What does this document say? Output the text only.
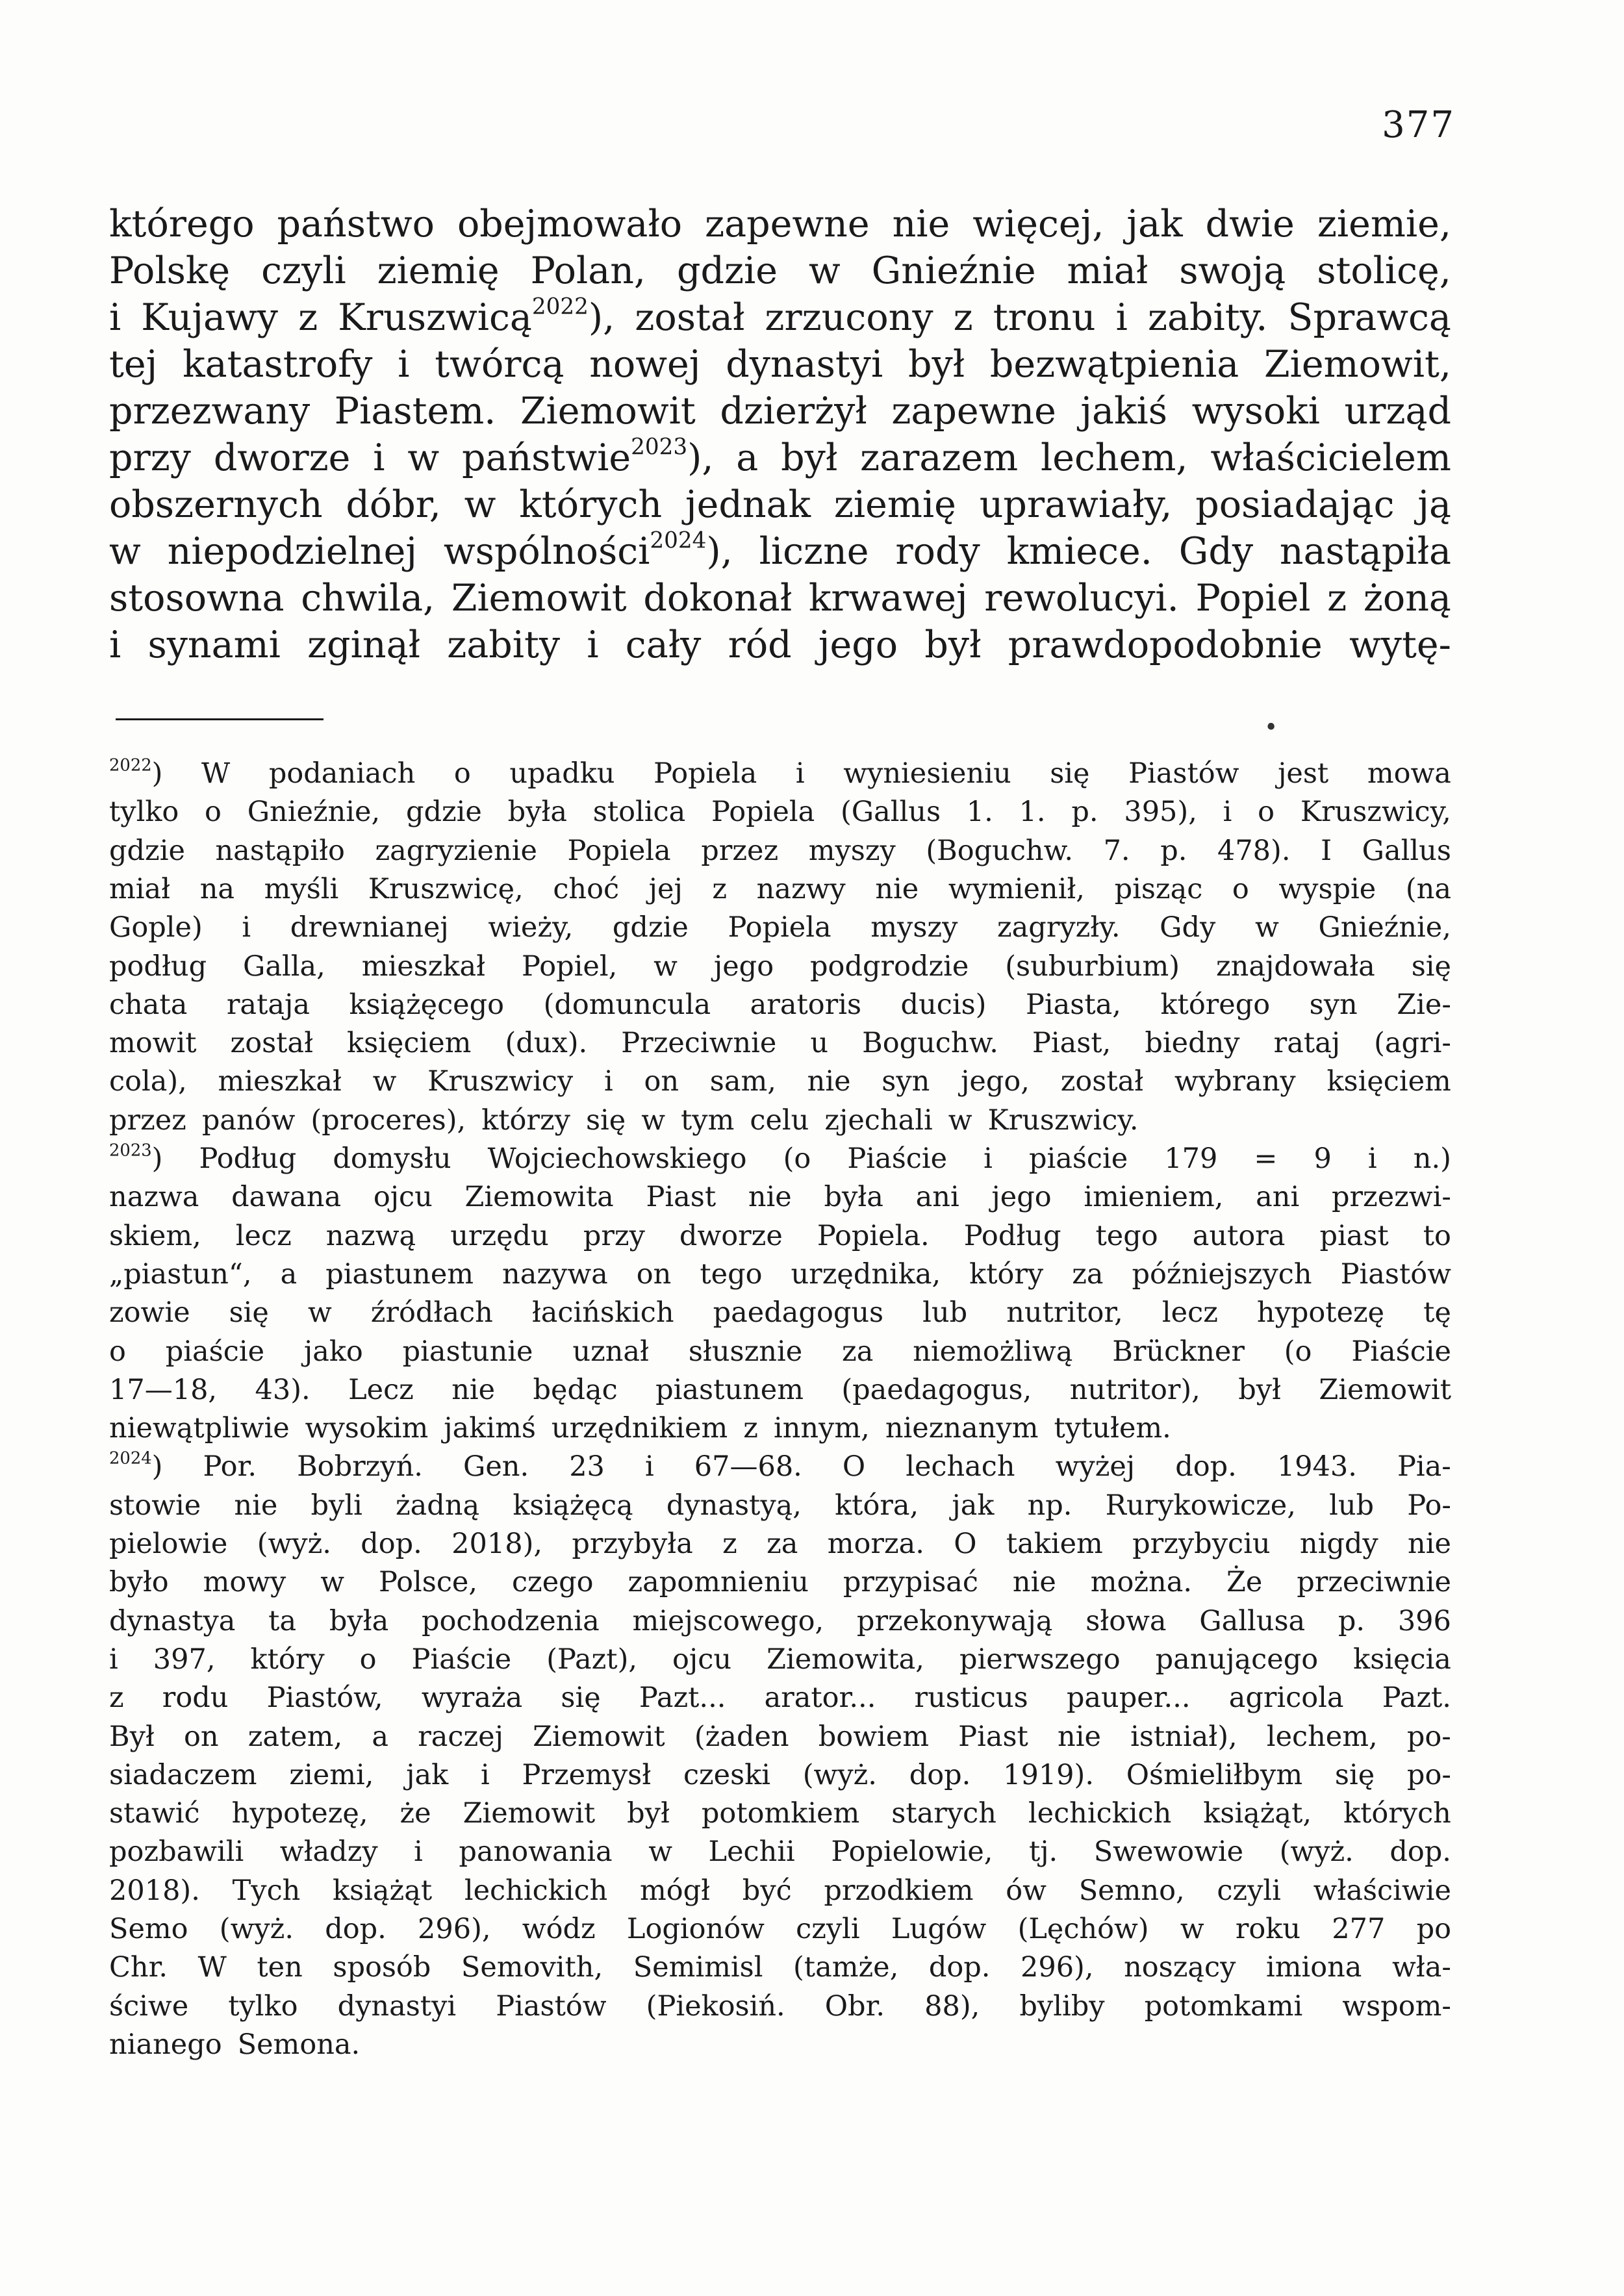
377
którego państwo obejmowało zapewne nie więcej, jak dwie ziemie,
Polskę czyli ziemię Polan, gdzie w Gnieźnie miał swoją stolicę,
i Kujawy z Kruszwicą$^{2022}$), został zrzucony z tronu i zabity. Sprawcą
tej katastrofy i twórcą nowej dynastyi był bezwątpienia Ziemowit,
przezwany Piastem. Ziemowit dzierżył zapewne jakiś wysoki urząd
przy dworze i w państwie$^{2023}$), a był zarazem lechem, właścicielem
obszernych dóbr, w których jednak ziemię uprawiały, posiadając ją
w niepodzielnej wspólności$^{2024}$), liczne rody kmiece. Gdy nastąpiła
stosowna chwila, Ziemowit dokonał krwawej rewolucyi. Popiel z żoną
i synami zginął zabity i cały ród jego był prawdopodobnie wytę-
•
$^{2022}$) W podaniach o upadku Popiela i wyniesieniu się Piastów jest mowa
tylko o Gnieźnie, gdzie była stolica Popiela (Gallus 1. 1. p. 395), i o Kruszwicy,
gdzie nastąpiło zagryzienie Popiela przez myszy (Boguchw. 7. p. 478). I Gallus
miał na myśli Kruszwicę, choć jej z nazwy nie wymienił, pisząc o wyspie (na
Gople) i drewnianej wieży, gdzie Popiela myszy zagryzły. Gdy w Gnieźnie,
podług Galla, mieszkał Popiel, w jego podgrodzie (suburbium) znajdowała się
chata rataja książęcego (domuncula aratoris ducis) Piasta, którego syn Zie-
mowit został księciem (dux). Przeciwnie u Boguchw. Piast, biedny rataj (agri-
cola), mieszkał w Kruszwicy i on sam, nie syn jego, został wybrany księciem
przez panów (proceres), którzy się w tym celu zjechali w Kruszwicy.
$^{2023}$) Podług domysłu Wojciechowskiego (o Piaście i piaście 179 = 9 i n.)
nazwa dawana ojcu Ziemowita Piast nie była ani jego imieniem, ani przezwi-
skiem, lecz nazwą urzędu przy dworze Popiela. Podług tego autora piast to
„piastun“, a piastunem nazywa on tego urzędnika, który za późniejszych Piastów
zowie się w źródłach łacińskich paedagogus lub nutritor, lecz hypotezę tę
o piaście jako piastunie uznał słusznie za niemożliwą Brückner (o Piaście
17—18, 43). Lecz nie będąc piastunem (paedagogus, nutritor), był Ziemowit
niewątpliwie wysokim jakimś urzędnikiem z innym, nieznanym tytułem.
$^{2024}$) Por. Bobrzyń. Gen. 23 i 67—68. O lechach wyżej dop. 1943. Pia-
stowie nie byli żadną książęcą dynastyą, która, jak np. Rurykowicze, lub Po-
pielowie (wyż. dop. 2018), przybyła z za morza. O takiem przybyciu nigdy nie
było mowy w Polsce, czego zapomnieniu przypisać nie można. Że przeciwnie
dynastya ta była pochodzenia miejscowego, przekonywają słowa Gallusa p. 396
i 397, który o Piaście (Pazt), ojcu Ziemowita, pierwszego panującego księcia
z rodu Piastów, wyraża się Pazt... arator... rusticus pauper... agricola Pazt.
Był on zatem, a raczej Ziemowit (żaden bowiem Piast nie istniał), lechem, po-
siadaczem ziemi, jak i Przemysł czeski (wyż. dop. 1919). Ośmieliłbym się po-
stawić hypotezę, że Ziemowit był potomkiem starych lechickich książąt, których
pozbawili władzy i panowania w Lechii Popielowie, tj. Swewowie (wyż. dop.
2018). Tych książąt lechickich mógł być przodkiem ów Semno, czyli właściwie
Semo (wyż. dop. 296), wódz Logionów czyli Lugów (Lęchów) w roku 277 po
Chr. W ten sposób Semovith, Semimisl (tamże, dop. 296), noszący imiona wła-
ściwe tylko dynastyi Piastów (Piekosiń. Obr. 88), byliby potomkami wspom-
nianego Semona.
